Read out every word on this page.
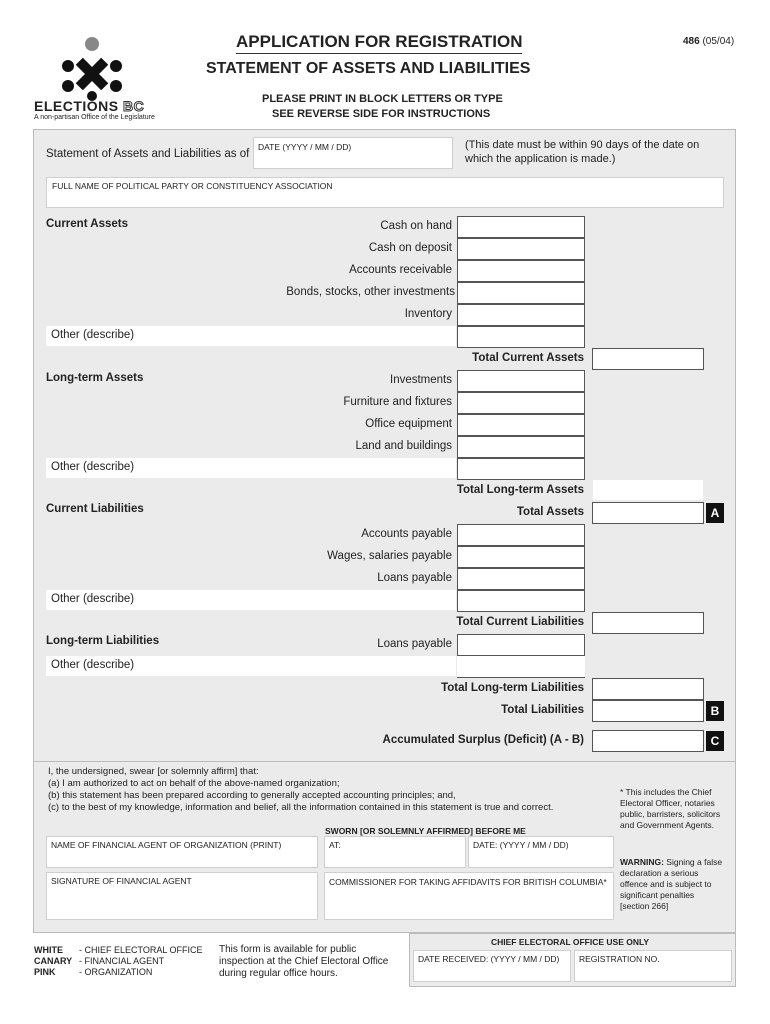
ELECTIONS BC
A non-partisan Office of the Legislature
APPLICATION FOR REGISTRATION
STATEMENT OF ASSETS AND LIABILITIES
486 (05/04)
PLEASE PRINT IN BLOCK LETTERS OR TYPE
SEE REVERSE SIDE FOR INSTRUCTIONS
Statement of Assets and Liabilities as of
DATE (YYYY / MM / DD)	(This date must be within 90 days of the date on which the application is made.)
FULL NAME OF POLITICAL PARTY OR CONSTITUENCY ASSOCIATION
Current Assets	Cash on hand
Cash on deposit
Accounts receivable
Bonds, stocks, other investments
Inventory
Other (describe)
Total Current Assets
Long-term Assets	Investments
Furniture and fixtures
Office equipment
Land and buildings
Other (describe)
Total Long-term Assets
Current Liabilities	Total Assets	A
Accounts payable
Wages, salaries payable
Loans payable
Other (describe)
Total Current Liabilities
Long-term Liabilities	Loans payable
Other (describe)
Total Long-term Liabilities
Total Liabilities	B
Accumulated Surplus (Deficit) (A - B)	C
I, the undersigned, swear [or solemnly affirm] that:
(a) I am authorized to act on behalf of the above-named organization;
(b) this statement has been prepared according to generally accepted accounting principles; and,
(c) to the best of my knowledge, information and belief, all the information contained in this statement is true and correct.
SWORN [OR SOLEMNLY AFFIRMED] BEFORE ME
* This includes the Chief Electoral Officer, notaries public, barristers, solicitors and Government Agents.
NAME OF FINANCIAL AGENT OF ORGANIZATION (PRINT)	AT:	DATE: (YYYY / MM / DD)
SIGNATURE OF FINANCIAL AGENT	COMMISSIONER FOR TAKING AFFIDAVITS FOR BRITISH COLUMBIA*
WARNING: Signing a false declaration a serious offence and is subject to significant penalties [section 266]
WHITE - CHIEF ELECTORAL OFFICE
CANARY - FINANCIAL AGENT
PINK	- ORGANIZATION
This form is available for public inspection at the Chief Electoral Office during regular office hours.
CHIEF ELECTORAL OFFICE USE ONLY
DATE RECEIVED: (YYYY / MM / DD) REGISTRATION NO.
